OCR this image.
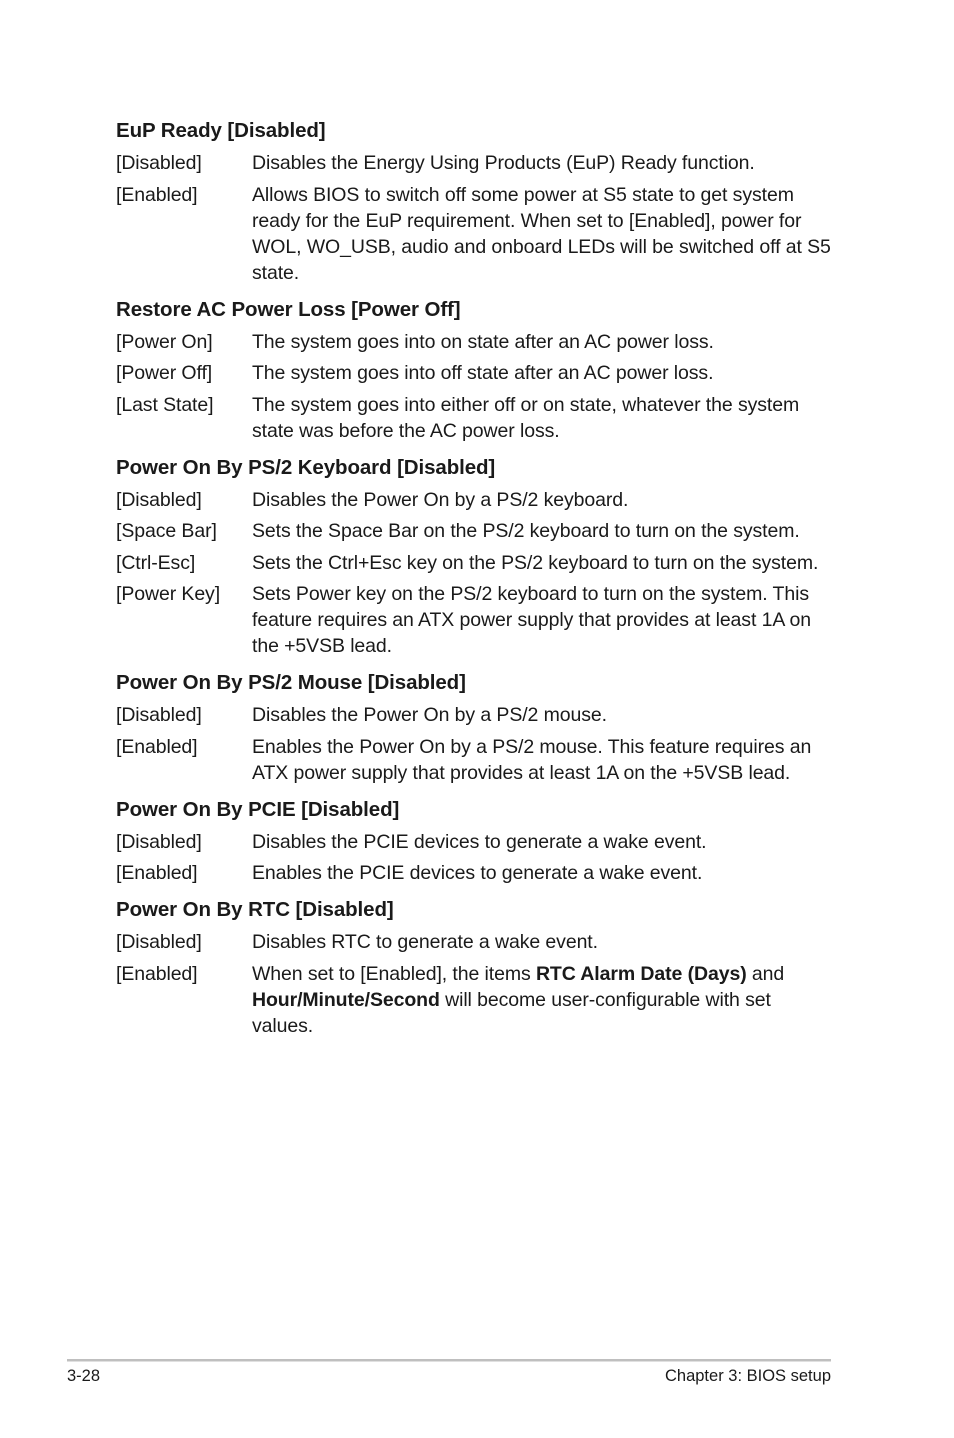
EuP Ready [Disabled]
[Disabled]	Disables the Energy Using Products (EuP) Ready function.
[Enabled]	Allows BIOS to switch off some power at S5 state to get system ready for the EuP requirement. When set to [Enabled], power for WOL, WO_USB, audio and onboard LEDs will be switched off at S5 state.
Restore AC Power Loss [Power Off]
[Power On]	The system goes into on state after an AC power loss.
[Power Off]	The system goes into off state after an AC power loss.
[Last State]	The system goes into either off or on state, whatever the system state was before the AC power loss.
Power On By PS/2 Keyboard [Disabled]
[Disabled]	Disables the Power On by a PS/2 keyboard.
[Space Bar]	Sets the Space Bar on the PS/2 keyboard to turn on the system.
[Ctrl-Esc]	Sets the Ctrl+Esc key on the PS/2 keyboard to turn on the system.
[Power Key]	Sets Power key on the PS/2 keyboard to turn on the system. This feature requires an ATX power supply that provides at least 1A on the +5VSB lead.
Power On By PS/2 Mouse [Disabled]
[Disabled]	Disables the Power On by a PS/2 mouse.
[Enabled]	Enables the Power On by a PS/2 mouse. This feature requires an ATX power supply that provides at least 1A on the +5VSB lead.
Power On By PCIE [Disabled]
[Disabled]	Disables the PCIE devices to generate a wake event.
[Enabled]	Enables the PCIE devices to generate a wake event.
Power On By RTC [Disabled]
[Disabled]	Disables RTC to generate a wake event.
[Enabled]	When set to [Enabled], the items RTC Alarm Date (Days) and Hour/Minute/Second will become user-configurable with set values.
3-28	Chapter 3: BIOS setup
